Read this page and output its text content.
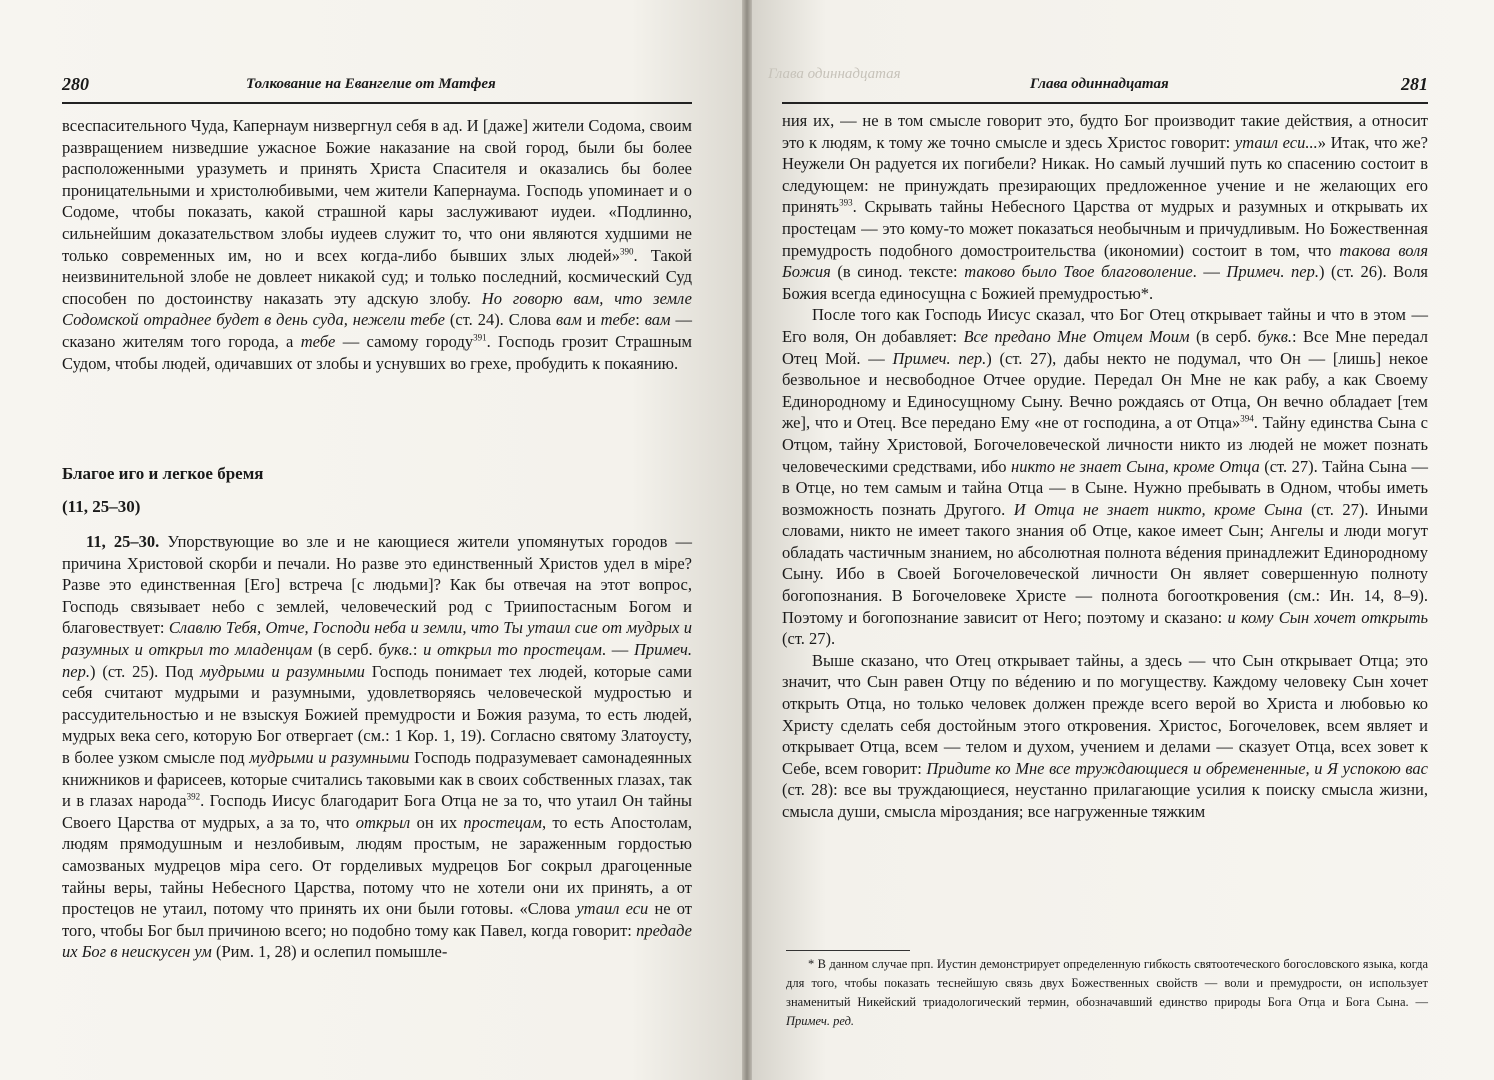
280	Толкование на Евангелие от Матфея
всеспасительного Чуда, Капернаум низвергнул себя в ад. И [даже] жители Содома, своим развращением низведшие ужасное Божие наказание на свой город, были бы более расположенными уразуметь и принять Христа Спасителя и оказались бы более проницательными и христолюбивыми, чем жители Капернаума. Господь упоминает и о Содоме, чтобы показать, какой страшной кары заслуживают иудеи. «Подлинно, сильнейшим доказательством злобы иудеев служит то, что они являются худшими не только современных им, но и всех когда-либо бывших злых людей»$^{390}$. Такой неизвинительной злобе не довлеет никакой суд; и только последний, космический Суд способен по достоинству наказать эту адскую злобу. Но говорю вам, что земле Содомской отраднее будет в день суда, нежели тебе (ст. 24). Слова вам и тебе: вам — сказано жителям того города, а тебе — самому городу$^{391}$. Господь грозит Страшным Судом, чтобы людей, одичавших от злобы и уснувших во грехе, пробудить к покаянию.
Благое иго и легкое бремя
(11, 25–30)
11, 25–30. Упорствующие во зле и не кающиеся жители упомянутых городов — причина Христовой скорби и печали. Но разве это единственный Христов удел в міре? Разве это единственная [Его] встреча [с людьми]? Как бы отвечая на этот вопрос, Господь связывает небо с землей, человеческий род с Триипостасным Богом и благовествует: Славлю Тебя, Отче, Господи неба и земли, что Ты утаил сие от мудрых и разумных и открыл то младенцам (в серб. букв.: и открыл то простецам. — Примеч. пер.) (ст. 25). Под мудрыми и разумными Господь понимает тех людей, которые сами себя считают мудрыми и разумными, удовлетворяясь человеческой мудростью и рассудительностью и не взыскуя Божией премудрости и Божия разума, то есть людей, мудрых века сего, которую Бог отвергает (см.: 1 Кор. 1, 19). Согласно святому Златоусту, в более узком смысле под мудрыми и разумными Господь подразумевает самонадеянных книжников и фарисеев, которые считались таковыми как в своих собственных глазах, так и в глазах народа$^{392}$. Господь Иисус благодарит Бога Отца не за то, что утаил Он тайны Своего Царства от мудрых, а за то, что открыл он их простецам, то есть Апостолам, людям прямодушным и незлобивым, людям простым, не зараженным гордостью самозваных мудрецов міра сего. От горделивых мудрецов Бог сокрыл драгоценные тайны веры, тайны Небесного Царства, потому что не хотели они их принять, а от простецов не утаил, потому что принять их они были готовы. «Слова утаил еси не от того, чтобы Бог был причиною всего; но подобно тому как Павел, когда говорит: предаде их Бог в неискусен ум (Рим. 1, 28) и ослепил помышле-
Глава одиннадцатая
Глава одиннадцатая	281

ния их, — не в том смысле говорит это, будто Бог производит такие действия, а относит это к людям, к тому же точно смысле и здесь Христос говорит: утаил еси...» Итак, что же? Неужели Он радуется их погибели? Никак. Но самый лучший путь ко спасению состоит в следующем: не принуждать презирающих предложенное учение и не желающих его принять$^{393}$. Скрывать тайны Небесного Царства от мудрых и разумных и открывать их простецам — это кому-то может показаться необычным и причудливым. Но Божественная премудрость подобного домостроительства (икономии) состоит в том, что такова воля Божия (в синод. тексте: таково было Твое благоволение. — Примеч. пер.) (ст. 26). Воля Божия всегда единосущна с Божией премудростью*.

После того как Господь Иисус сказал, что Бог Отец открывает тайны и что в этом — Его воля, Он добавляет: Все предано Мне Отцем Моим (в серб. букв.: Все Мне передал Отец Мой. — Примеч. пер.) (ст. 27), дабы некто не подумал, что Он — [лишь] некое безвольное и несвободное Отчее орудие. Передал Он Мне не как рабу, а как Своему Единородному и Единосущному Сыну. Вечно рождаясь от Отца, Он вечно обладает [тем же], что и Отец. Все передано Ему «не от господина, а от Отца»$^{394}$. Тайну единства Сына с Отцом, тайну Христовой, Богочеловеческой личности никто из людей не может познать человеческими средствами, ибо никто не знает Сына, кроме Отца (ст. 27). Тайна Сына — в Отце, но тем самым и тайна Отца — в Сыне. Нужно пребывать в Одном, чтобы иметь возможность познать Другого. И Отца не знает никто, кроме Сына (ст. 27). Иными словами, никто не имеет такого знания об Отце, какое имеет Сын; Ангелы и люди могут обладать частичным знанием, но абсолютная полнота вéдения принадлежит Единородному Сыну. Ибо в Своей Богочеловеческой личности Он являет совершенную полноту богопознания. В Богочеловеке Христе — полнота богооткровения (см.: Ин. 14, 8–9). Поэтому и богопознание зависит от Него; поэтому и сказано: и кому Сын хочет открыть (ст. 27).

Выше сказано, что Отец открывает тайны, а здесь — что Сын открывает Отца; это значит, что Сын равен Отцу по вéдению и по могуществу. Каждому человеку Сын хочет открыть Отца, но только человек должен прежде всего верой во Христа и любовью ко Христу сделать себя достойным этого откровения. Христос, Богочеловек, всем являет и открывает Отца, всем — телом и духом, учением и делами — сказует Отца, всех зовет к Себе, всем говорит: Придите ко Мне все труждающиеся и обремененные, и Я успокою вас (ст. 28): все вы труждающиеся, неустанно прилагающие усилия к поиску смысла жизни, смысла души, смысла міроздания; все нагруженные тяжким

* В данном случае прп. Иустин демонстрирует определенную гибкость святоотеческого богословского языка, когда для того, чтобы показать теснейшую связь двух Божественных свойств — воли и премудрости, он использует знаменитый Никейский триадологический термин, обозначавший единство природы Бога Отца и Бога Сына. — Примеч. ред.
